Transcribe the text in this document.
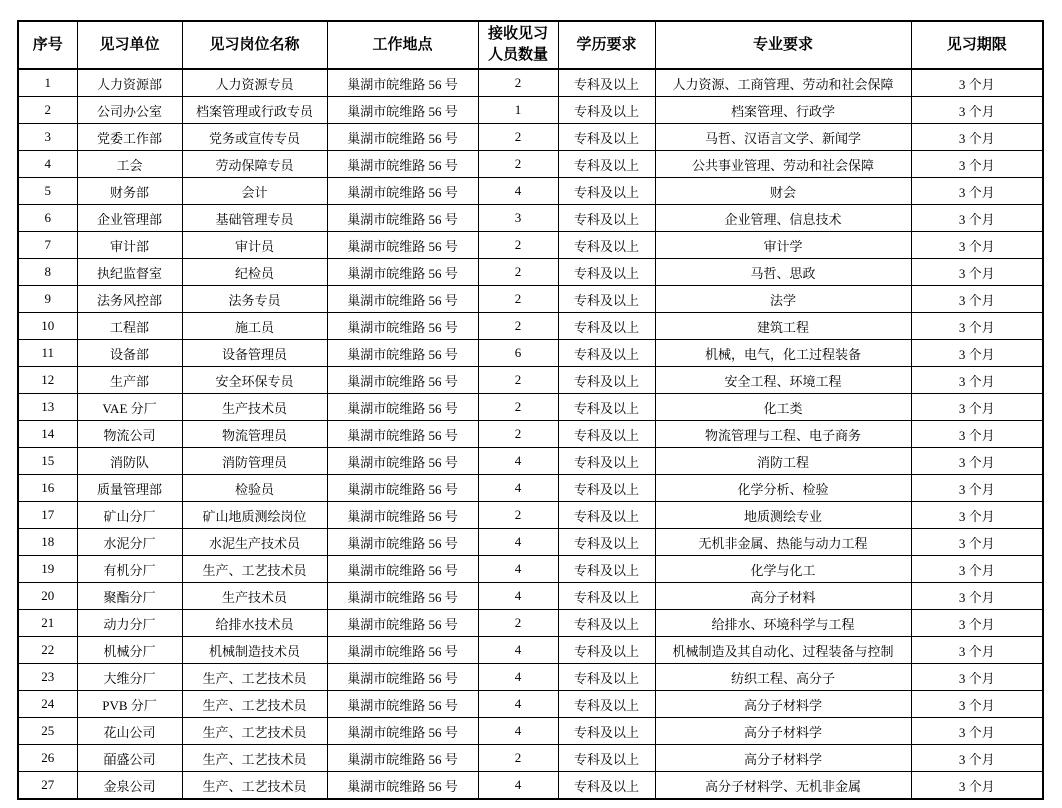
序号	见习单位	见习岗位名称	工作地点	接收见习人员数量	学历要求	专业要求	见习期限
1	人力资源部	人力资源专员	巢湖市皖维路 56 号	2	专科及以上	人力资源、工商管理、劳动和社会保障	3 个月
2	公司办公室	档案管理或行政专员	巢湖市皖维路 56 号	1	专科及以上	档案管理、行政学	3 个月
3	党委工作部	党务或宣传专员	巢湖市皖维路 56 号	2	专科及以上	马哲、汉语言文学、新闻学	3 个月
4	工会	劳动保障专员	巢湖市皖维路 56 号	2	专科及以上	公共事业管理、劳动和社会保障	3 个月
5	财务部	会计	巢湖市皖维路 56 号	4	专科及以上	财会	3 个月
6	企业管理部	基础管理专员	巢湖市皖维路 56 号	3	专科及以上	企业管理、信息技术	3 个月
7	审计部	审计员	巢湖市皖维路 56 号	2	专科及以上	审计学	3 个月
8	执纪监督室	纪检员	巢湖市皖维路 56 号	2	专科及以上	马哲、思政	3 个月
9	法务风控部	法务专员	巢湖市皖维路 56 号	2	专科及以上	法学	3 个月
10	工程部	施工员	巢湖市皖维路 56 号	2	专科及以上	建筑工程	3 个月
11	设备部	设备管理员	巢湖市皖维路 56 号	6	专科及以上	机械，电气，化工过程装备	3 个月
12	生产部	安全环保专员	巢湖市皖维路 56 号	2	专科及以上	安全工程、环境工程	3 个月
13	VAE 分厂	生产技术员	巢湖市皖维路 56 号	2	专科及以上	化工类	3 个月
14	物流公司	物流管理员	巢湖市皖维路 56 号	2	专科及以上	物流管理与工程、电子商务	3 个月
15	消防队	消防管理员	巢湖市皖维路 56 号	4	专科及以上	消防工程	3 个月
16	质量管理部	检验员	巢湖市皖维路 56 号	4	专科及以上	化学分析、检验	3 个月
17	矿山分厂	矿山地质测绘岗位	巢湖市皖维路 56 号	2	专科及以上	地质测绘专业	3 个月
18	水泥分厂	水泥生产技术员	巢湖市皖维路 56 号	4	专科及以上	无机非金属、热能与动力工程	3 个月
19	有机分厂	生产、工艺技术员	巢湖市皖维路 56 号	4	专科及以上	化学与化工	3 个月
20	聚酯分厂	生产技术员	巢湖市皖维路 56 号	4	专科及以上	高分子材料	3 个月
21	动力分厂	给排水技术员	巢湖市皖维路 56 号	2	专科及以上	给排水、环境科学与工程	3 个月
22	机械分厂	机械制造技术员	巢湖市皖维路 56 号	4	专科及以上	机械制造及其自动化、过程装备与控制	3 个月
23	大维分厂	生产、工艺技术员	巢湖市皖维路 56 号	4	专科及以上	纺织工程、高分子	3 个月
24	PVB 分厂	生产、工艺技术员	巢湖市皖维路 56 号	4	专科及以上	高分子材料学	3 个月
25	花山公司	生产、工艺技术员	巢湖市皖维路 56 号	4	专科及以上	高分子材料学	3 个月
26	皕盛公司	生产、工艺技术员	巢湖市皖维路 56 号	2	专科及以上	高分子材料学	3 个月
27	金泉公司	生产、工艺技术员	巢湖市皖维路 56 号	4	专科及以上	高分子材料学、无机非金属	3 个月
